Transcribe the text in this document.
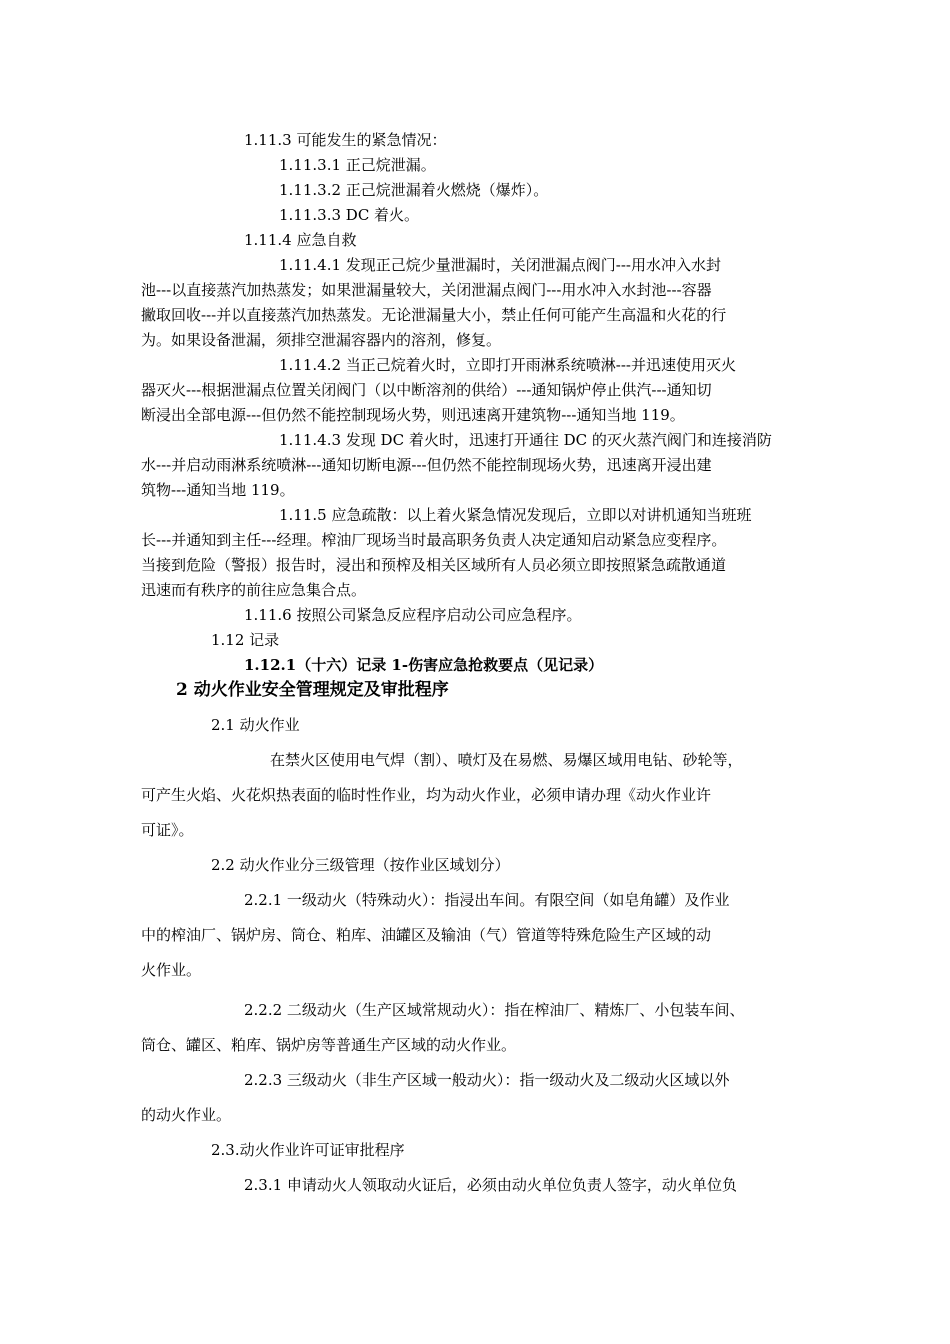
1.11.3 可能发生的紧急情况：
1.11.3.1 正己烷泄漏。
1.11.3.2 正己烷泄漏着火燃烧（爆炸）。
1.11.3.3 DC 着火。
1.11.4 应急自救
1.11.4.1 发现正己烷少量泄漏时，关闭泄漏点阀门---用水冲入水封
池---以直接蒸汽加热蒸发；如果泄漏量较大，关闭泄漏点阀门---用水冲入水封池---容器
撇取回收---并以直接蒸汽加热蒸发。无论泄漏量大小，禁止任何可能产生高温和火花的行
为。如果设备泄漏，须排空泄漏容器内的溶剂，修复。
1.11.4.2 当正己烷着火时，立即打开雨淋系统喷淋---并迅速使用灭火
器灭火---根据泄漏点位置关闭阀门（以中断溶剂的供给）---通知锅炉停止供汽---通知切
断浸出全部电源---但仍然不能控制现场火势，则迅速离开建筑物---通知当地 119。
1.11.4.3 发现 DC 着火时，迅速打开通往 DC 的灭火蒸汽阀门和连接消防
水---并启动雨淋系统喷淋---通知切断电源---但仍然不能控制现场火势，迅速离开浸出建
筑物---通知当地 119。
1.11.5 应急疏散：以上着火紧急情况发现后，立即以对讲机通知当班班
长---并通知到主任---经理。榨油厂现场当时最高职务负责人决定通知启动紧急应变程序。
当接到危险（警报）报告时，浸出和预榨及相关区域所有人员必须立即按照紧急疏散通道
迅速而有秩序的前往应急集合点。
1.11.6 按照公司紧急反应程序启动公司应急程序。
1.12 记录
1.12.1（十六）记录 1-伤害应急抢救要点（见记录）
2 动火作业安全管理规定及审批程序
2.1 动火作业
在禁火区使用电气焊（割）、喷灯及在易燃、易爆区域用电钻、砂轮等，
可产生火焰、火花炽热表面的临时性作业，均为动火作业，必须申请办理《动火作业许
可证》。
2.2 动火作业分三级管理（按作业区域划分）
2.2.1 一级动火（特殊动火）：指浸出车间。有限空间（如皂角罐）及作业
中的榨油厂、锅炉房、筒仓、粕库、油罐区及输油（气）管道等特殊危险生产区域的动
火作业。
2.2.2 二级动火（生产区域常规动火）：指在榨油厂、精炼厂、小包装车间、
筒仓、罐区、粕库、锅炉房等普通生产区域的动火作业。
2.2.3 三级动火（非生产区域一般动火）：指一级动火及二级动火区域以外
的动火作业。
2.3.动火作业许可证审批程序
2.3.1 申请动火人领取动火证后，必须由动火单位负责人签字，动火单位负
